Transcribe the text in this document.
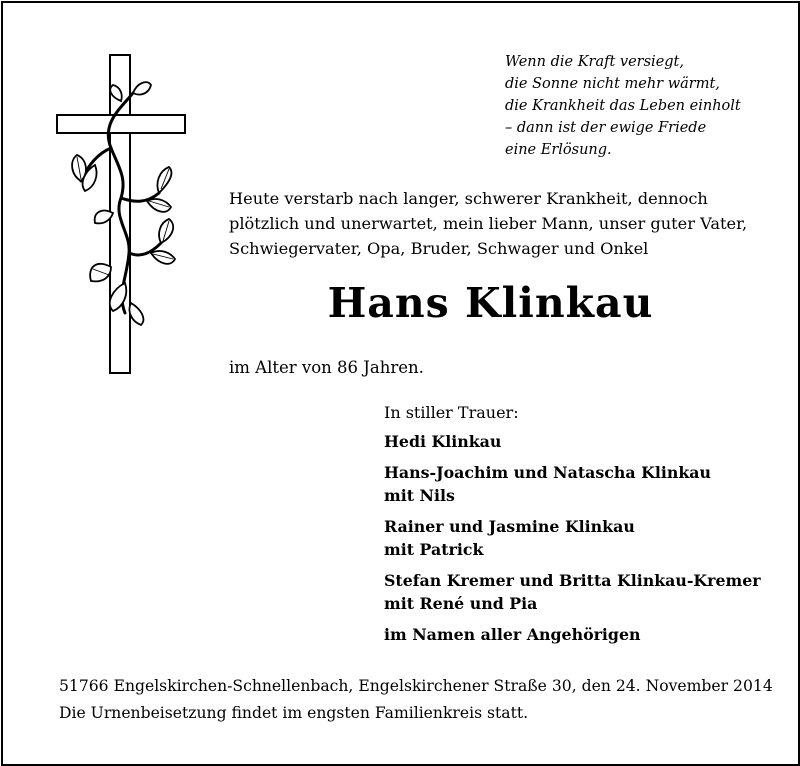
Wenn die Kraft versiegt,
die Sonne nicht mehr wärmt,
die Krankheit das Leben einholt
– dann ist der ewige Friede
eine Erlösung.
Heute verstarb nach langer, schwerer Krankheit, dennoch
plötzlich und unerwartet, mein lieber Mann, unser guter Vater,
Schwiegervater, Opa, Bruder, Schwager und Onkel
Hans Klinkau
im Alter von 86 Jahren.
In stiller Trauer:
Hedi Klinkau
Hans-Joachim und Natascha Klinkau
mit Nils
Rainer und Jasmine Klinkau
mit Patrick
Stefan Kremer und Britta Klinkau-Kremer
mit René und Pia
im Namen aller Angehörigen
51766 Engelskirchen-Schnellenbach, Engelskirchener Straße 30, den 24. November 2014
Die Urnenbeisetzung findet im engsten Familienkreis statt.
